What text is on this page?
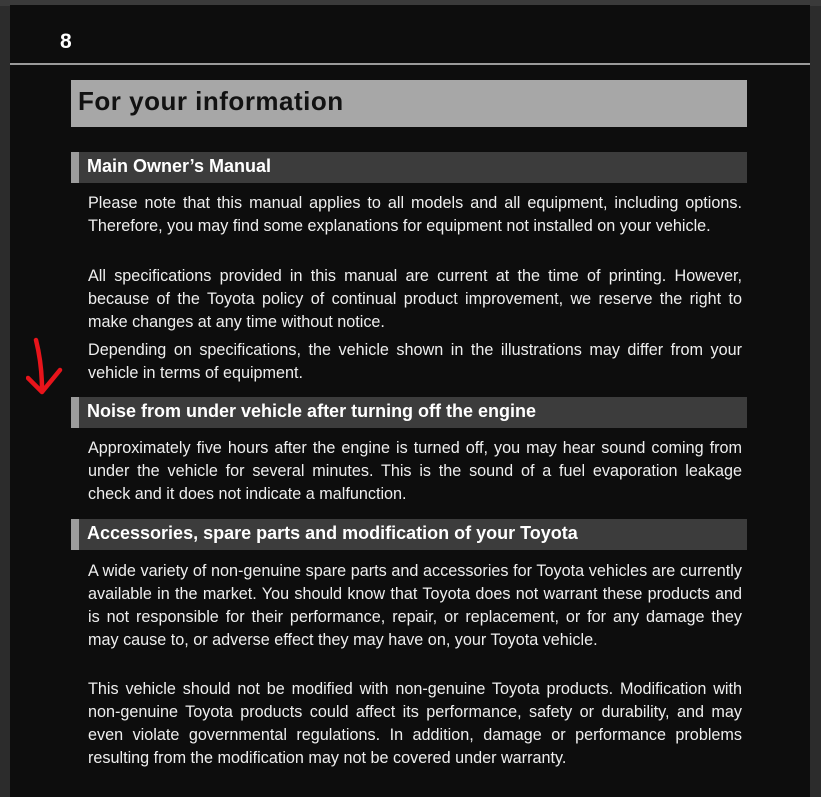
8
For your information
Main Owner’s Manual

Please note that this manual applies to all models and all equipment, including options. Therefore, you may find some explanations for equipment not installed on your vehicle.

All specifications provided in this manual are current at the time of printing. However, because of the Toyota policy of continual product improvement, we reserve the right to make changes at any time without notice.

Depending on specifications, the vehicle shown in the illustrations may differ from your vehicle in terms of equipment.

Noise from under vehicle after turning off the engine

Approximately five hours after the engine is turned off, you may hear sound coming from under the vehicle for several minutes. This is the sound of a fuel evaporation leakage check and it does not indicate a malfunction.

Accessories, spare parts and modification of your Toyota

A wide variety of non-genuine spare parts and accessories for Toyota vehicles are currently available in the market. You should know that Toyota does not warrant these products and is not responsible for their performance, repair, or replacement, or for any damage they may cause to, or adverse effect they may have on, your Toyota vehicle.

This vehicle should not be modified with non-genuine Toyota products. Modification with non-genuine Toyota products could affect its performance, safety or durability, and may even violate governmental regulations. In addition, damage or performance problems resulting from the modification may not be covered under warranty.
